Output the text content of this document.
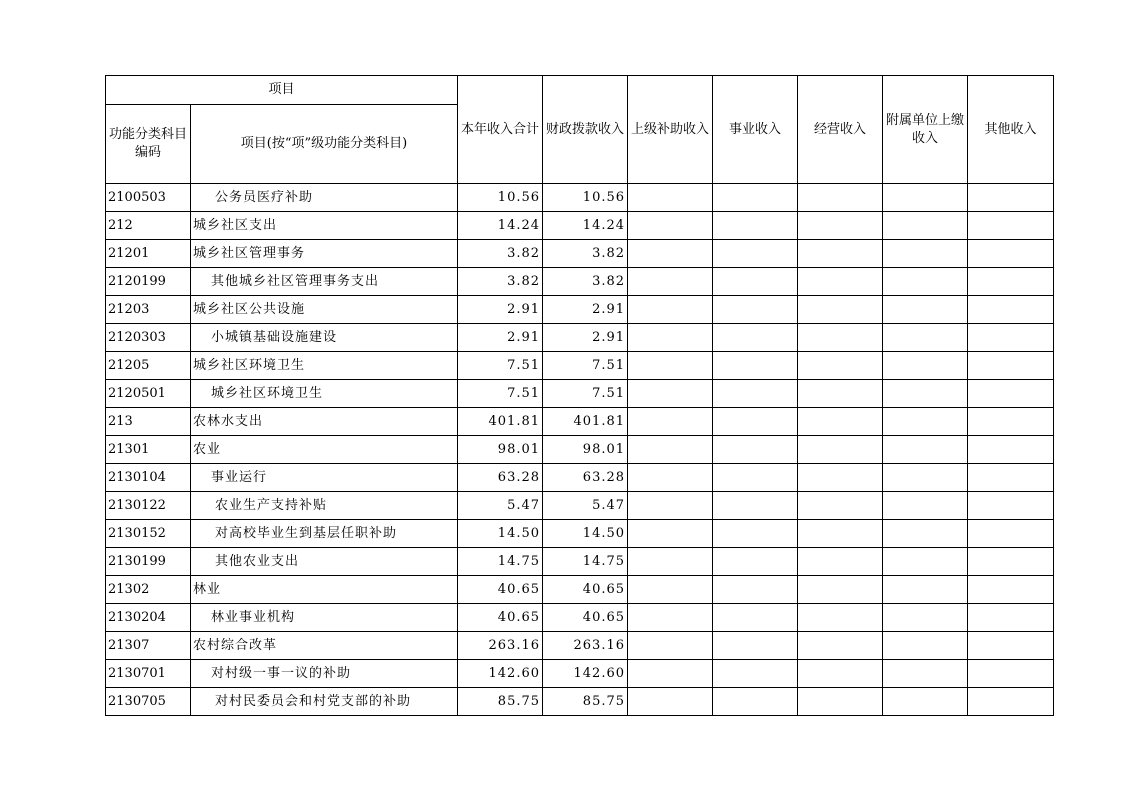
项目		本年收入合计	财政拨款收入	上级补助收入	事业收入	经营收入	附属单位上缴收入	其他收入
功能分类科目编码	项目(按“项”级功能分类科目)							
2100503	公务员医疗补助	10.56	10.56					
212	城乡社区支出	14.24	14.24					
21201	城乡社区管理事务	3.82	3.82					
2120199	其他城乡社区管理事务支出	3.82	3.82					
21203	城乡社区公共设施	2.91	2.91					
2120303	小城镇基础设施建设	2.91	2.91					
21205	城乡社区环境卫生	7.51	7.51					
2120501	城乡社区环境卫生	7.51	7.51					
213	农林水支出	401.81	401.81					
21301	农业	98.01	98.01					
2130104	事业运行	63.28	63.28					
2130122	农业生产支持补贴	5.47	5.47					
2130152	对高校毕业生到基层任职补助	14.50	14.50					
2130199	其他农业支出	14.75	14.75					
21302	林业	40.65	40.65					
2130204	林业事业机构	40.65	40.65					
21307	农村综合改革	263.16	263.16					
2130701	对村级一事一议的补助	142.60	142.60					
2130705	对村民委员会和村党支部的补助	85.75	85.75					
